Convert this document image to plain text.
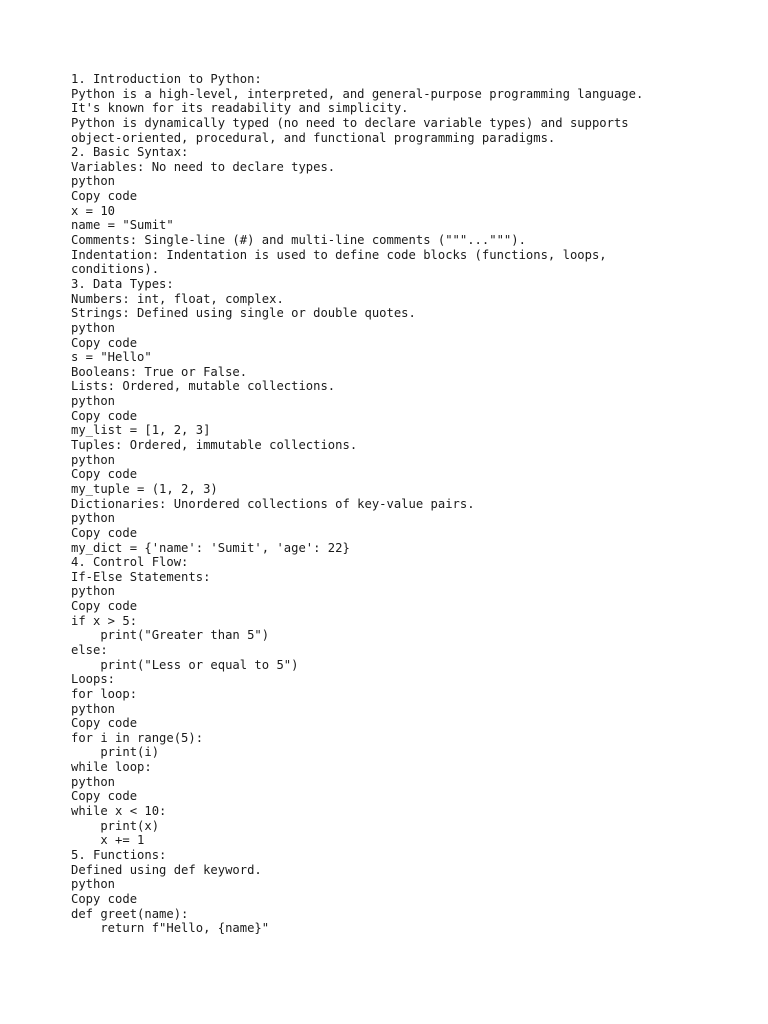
1. Introduction to Python:
Python is a high-level, interpreted, and general-purpose programming language.
It's known for its readability and simplicity.
Python is dynamically typed (no need to declare variable types) and supports
object-oriented, procedural, and functional programming paradigms.
2. Basic Syntax:
Variables: No need to declare types.
python
Copy code
x = 10
name = "Sumit"
Comments: Single-line (#) and multi-line comments ("""...""").
Indentation: Indentation is used to define code blocks (functions, loops,
conditions).
3. Data Types:
Numbers: int, float, complex.
Strings: Defined using single or double quotes.
python
Copy code
s = "Hello"
Booleans: True or False.
Lists: Ordered, mutable collections.
python
Copy code
my_list = [1, 2, 3]
Tuples: Ordered, immutable collections.
python
Copy code
my_tuple = (1, 2, 3)
Dictionaries: Unordered collections of key-value pairs.
python
Copy code
my_dict = {'name': 'Sumit', 'age': 22}
4. Control Flow:
If-Else Statements:
python
Copy code
if x > 5:
print("Greater than 5")
else:
print("Less or equal to 5")
Loops:
for loop:
python
Copy code
for i in range(5):
print(i)
while loop:
python
Copy code
while x < 10:
print(x)
x += 1
5. Functions:
Defined using def keyword.
python
Copy code
def greet(name):
return f"Hello, {name}"
